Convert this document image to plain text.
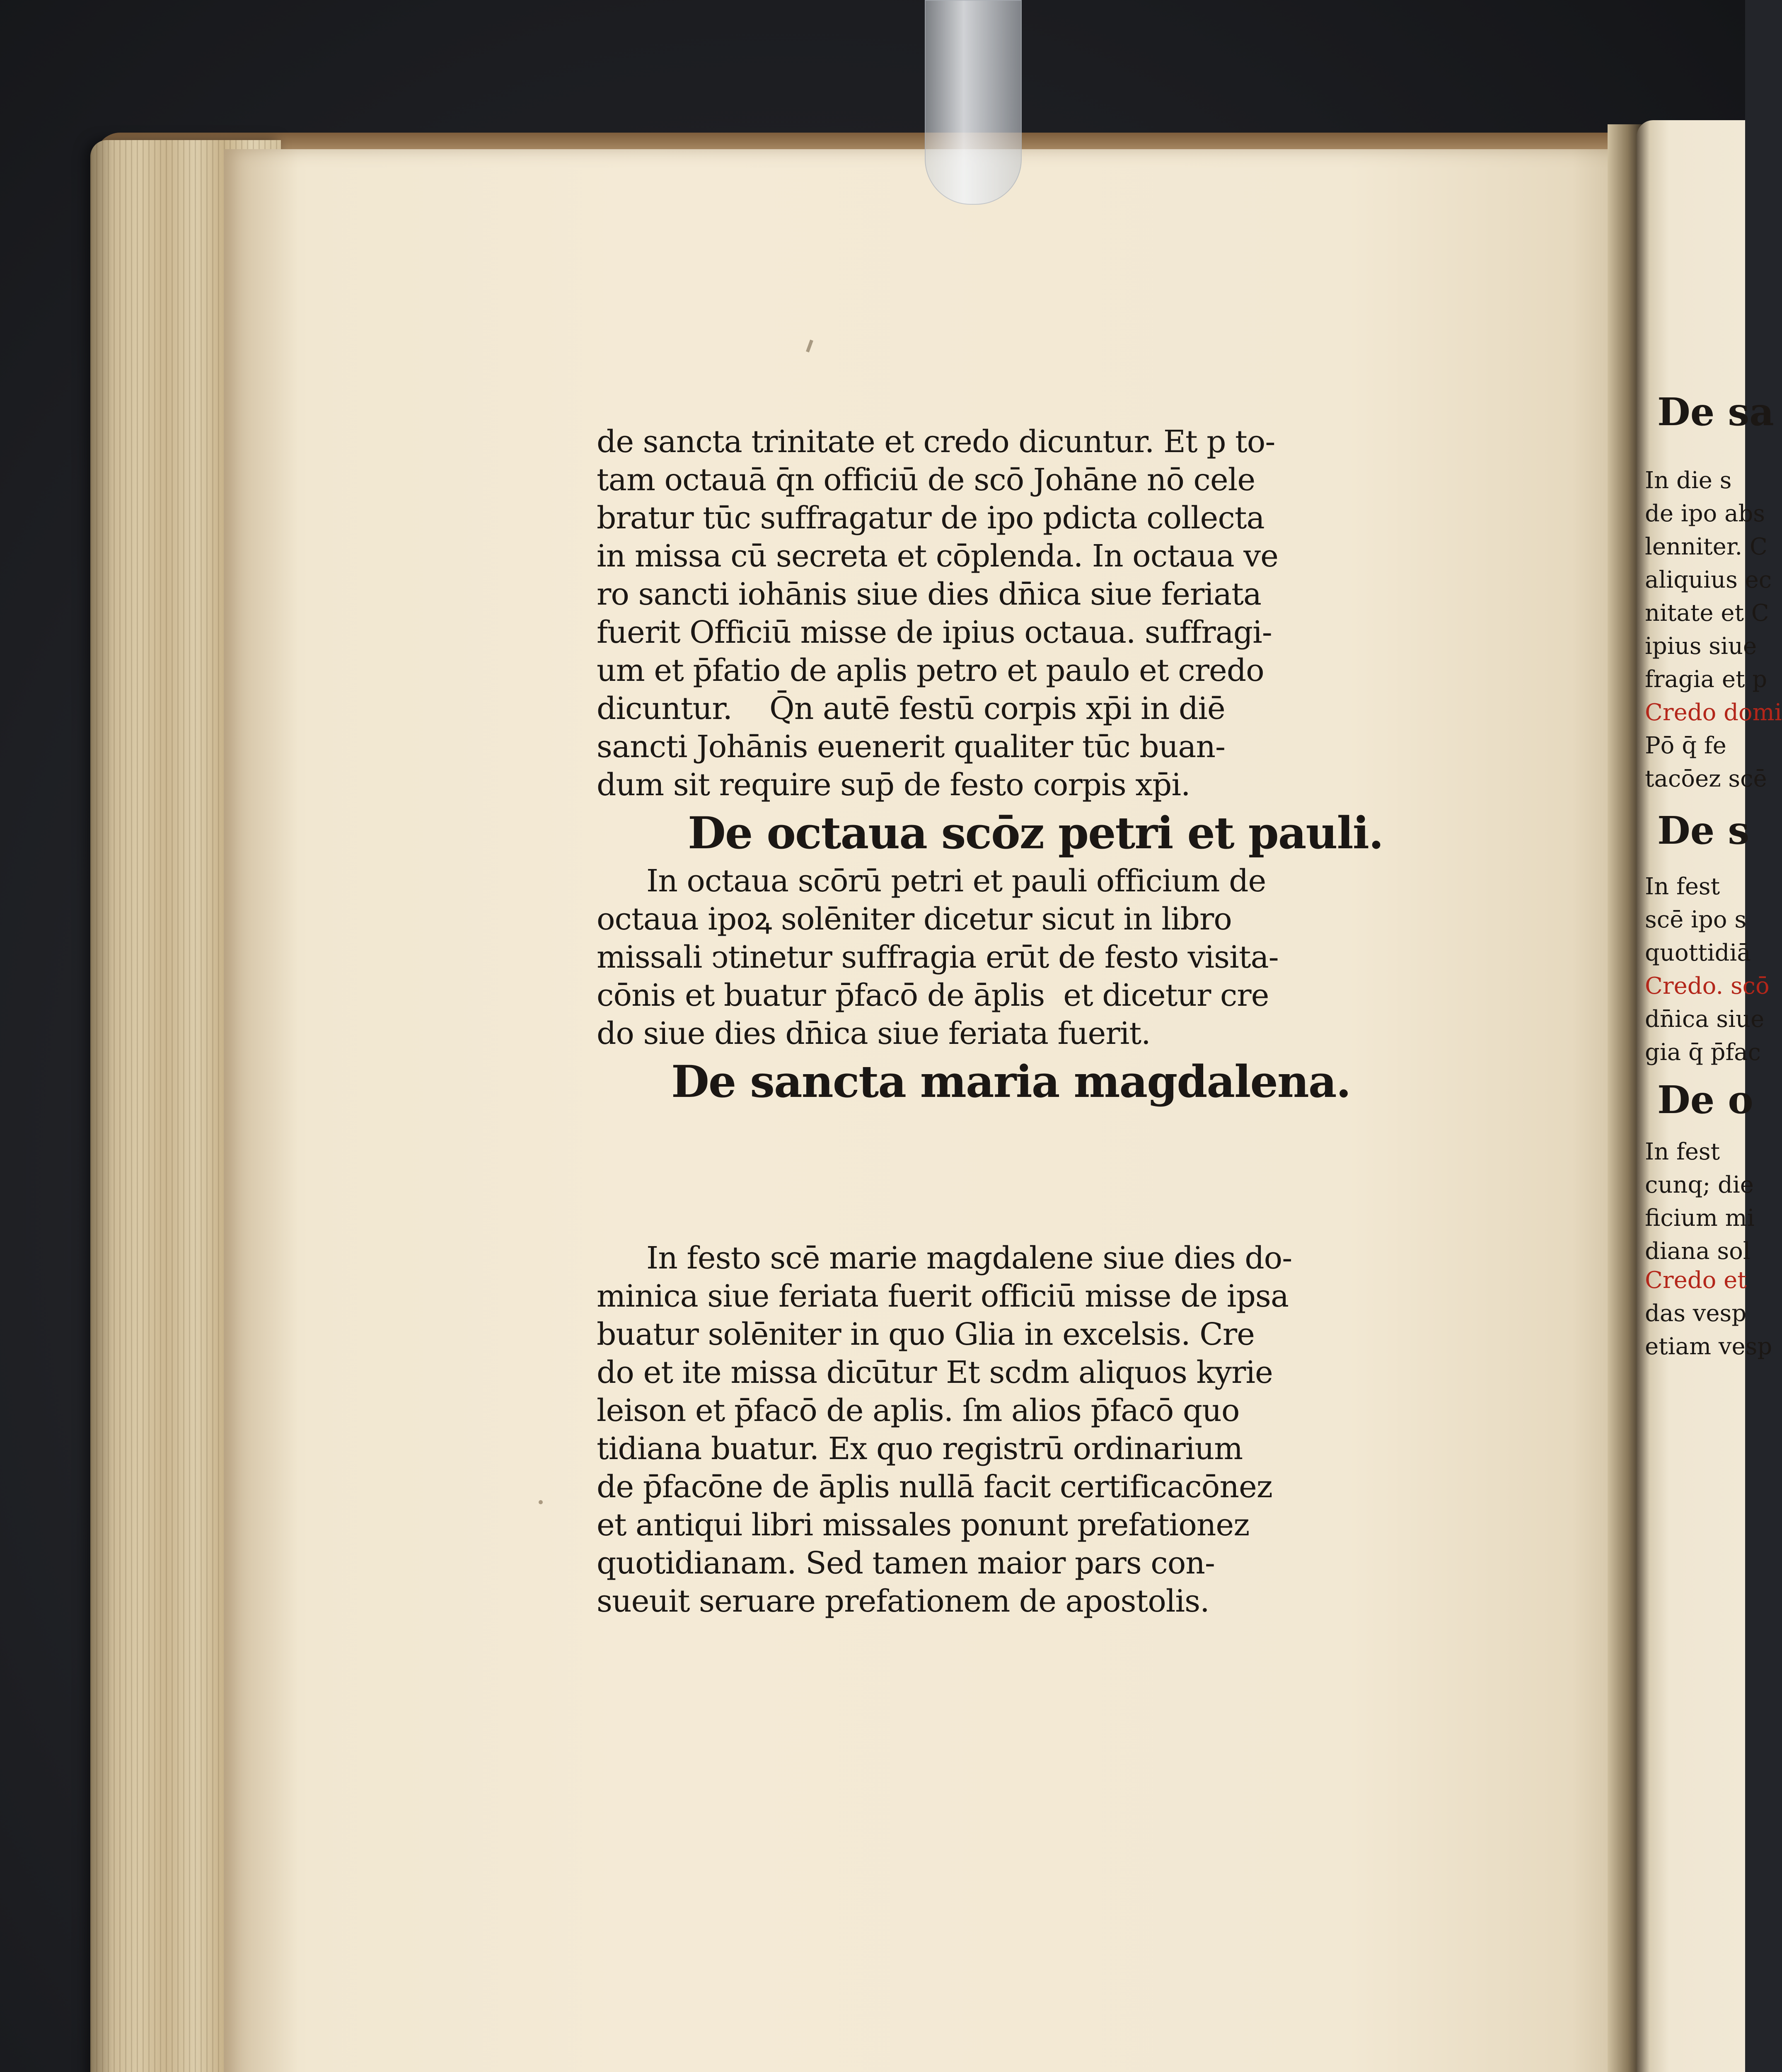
de sancta trinitate et credo dicuntur. Et p to-
tam octauā q̄n officiū de scō Johāne nō cele
bratur tūc suffragatur de ipo pdicta collecta
in missa cū secreta et cōplenda. In octaua ve
ro sancti iohānis siue dies dn̄ica siue feriata
fuerit Officiū misse de ipius octaua. suffragi-
um et p̄fatio de aplis petro et paulo et credo
dicuntur.    Q̄n autē festū corpis xp̄i in diē
sancti Johānis euenerit qualiter tūc buan-
dum sit require sup̄ de festo corpis xp̄i.
De octaua scōz petri et pauli.
In octaua scōrū petri et pauli officium de
octaua ipoꝝ solēniter dicetur sicut in libro
missali ↄtinetur suffragia erūt de festo visita-
cōnis et buatur p̄facō de āplis  et dicetur cre
do siue dies dn̄ica siue feriata fuerit.
De sancta maria magdalena.
In festo scē marie magdalene siue dies do-
minica siue feriata fuerit officiū misse de ipsa
buatur solēniter in quo Glia in excelsis. Cre
do et ite missa dicūtur Et scdm aliquos kyrie
leison et p̄facō de aplis. ſm alios p̄facō quo
tidiana buatur. Ex quo registrū ordinarium
de p̄facōne de āplis nullā facit certificacōnez
et antiqui libri missales ponunt prefationez
quotidianam. Sed tamen maior pars con-
sueuit seruare prefationem de apostolis.
De sa
In die s
de ipo abs
lenniter. C
aliquius ec
nitate et C
ipius siue
fragia et p
Credo domi
Pō q̄ fe
tacōez scē
De s
In fest
scē ipo s
quottidiā
Credo. scō
dn̄ica siue
gia q̄ p̄fac
De o
In fest
cunq; die
ficium mi
diana sol
Credo et
das vesp
etiam vesp
